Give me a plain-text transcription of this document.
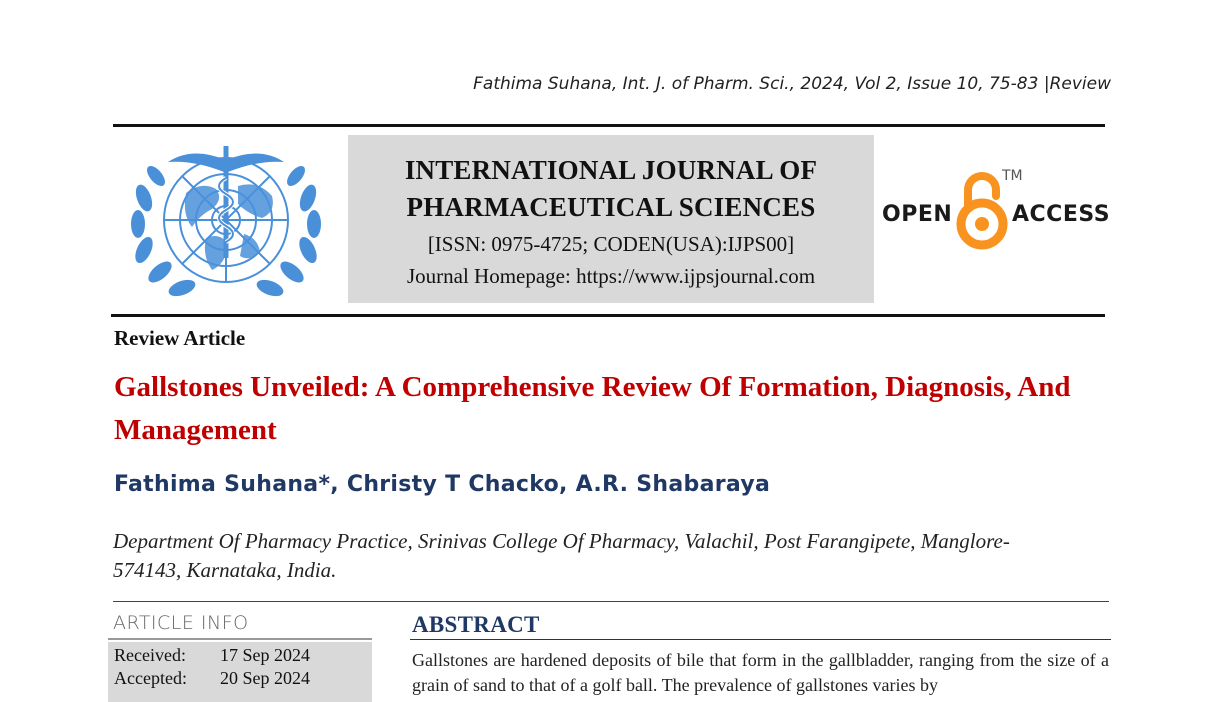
Fathima Suhana, Int. J. of Pharm. Sci., 2024, Vol 2, Issue 10, 75-83 |Review
INTERNATIONAL JOURNAL OF
PHARMACEUTICAL SCIENCES
[ISSN: 0975-4725; CODEN(USA):IJPS00]
Journal Homepage: https://www.ijpsjournal.com
OPEN
TM
ACCESS
Review Article
Gallstones Unveiled: A Comprehensive Review Of Formation, Diagnosis, And Management
Fathima Suhana*, Christy T Chacko, A.R. Shabaraya
Department Of Pharmacy Practice, Srinivas College Of Pharmacy, Valachil, Post Farangipete, Manglore-574143, Karnataka, India.
ARTICLE INFO
Received: 17 Sep 2024
Accepted: 20 Sep 2024
ABSTRACT
Gallstones are hardened deposits of bile that form in the gallbladder, ranging from the size of a grain of sand to that of a golf ball. The prevalence of gallstones varies by
